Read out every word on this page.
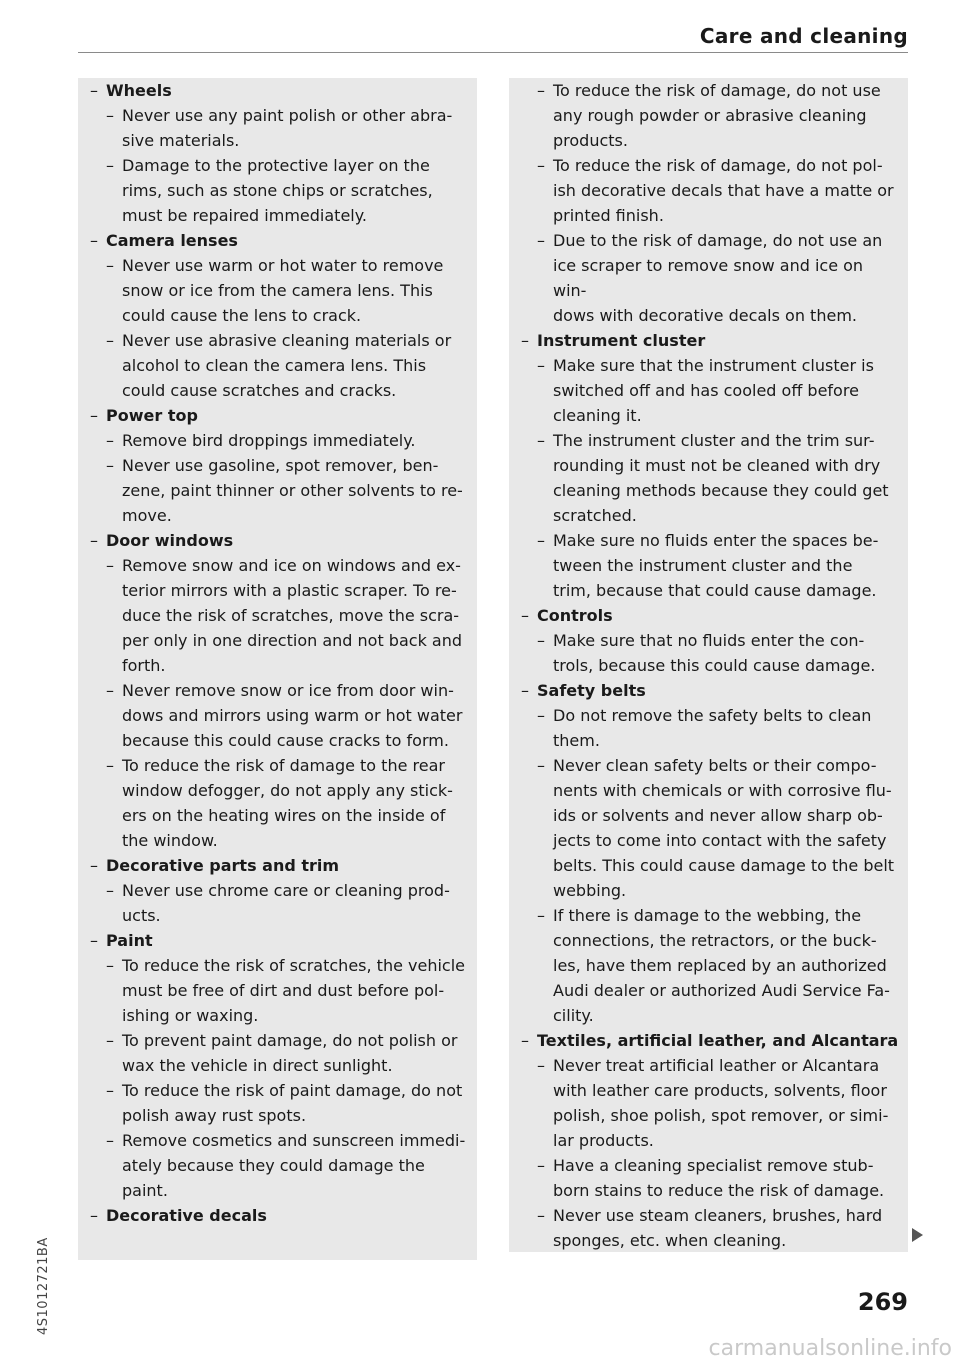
Care and cleaning
– Wheels
– Never use any paint polish or other abra-
sive materials.
– Damage to the protective layer on the
rims, such as stone chips or scratches,
must be repaired immediately.
– Camera lenses
– Never use warm or hot water to remove
snow or ice from the camera lens. This
could cause the lens to crack.
– Never use abrasive cleaning materials or
alcohol to clean the camera lens. This
could cause scratches and cracks.
– Power top
– Remove bird droppings immediately.
– Never use gasoline, spot remover, ben-
zene, paint thinner or other solvents to re-
move.
– Door windows
– Remove snow and ice on windows and ex-
terior mirrors with a plastic scraper. To re-
duce the risk of scratches, move the scra-
per only in one direction and not back and
forth.
– Never remove snow or ice from door win-
dows and mirrors using warm or hot water
because this could cause cracks to form.
– To reduce the risk of damage to the rear
window defogger, do not apply any stick-
ers on the heating wires on the inside of
the window.
– Decorative parts and trim
– Never use chrome care or cleaning prod-
ucts.
– Paint
– To reduce the risk of scratches, the vehicle
must be free of dirt and dust before pol-
ishing or waxing.
– To prevent paint damage, do not polish or
wax the vehicle in direct sunlight.
– To reduce the risk of paint damage, do not
polish away rust spots.
– Remove cosmetics and sunscreen immedi-
ately because they could damage the
paint.
– Decorative decals
– To reduce the risk of damage, do not use
any rough powder or abrasive cleaning
products.
– To reduce the risk of damage, do not pol-
ish decorative decals that have a matte or
printed finish.
– Due to the risk of damage, do not use an
ice scraper to remove snow and ice on win-
dows with decorative decals on them.
– Instrument cluster
– Make sure that the instrument cluster is
switched off and has cooled off before
cleaning it.
– The instrument cluster and the trim sur-
rounding it must not be cleaned with dry
cleaning methods because they could get
scratched.
– Make sure no fluids enter the spaces be-
tween the instrument cluster and the
trim, because that could cause damage.
– Controls
– Make sure that no fluids enter the con-
trols, because this could cause damage.
– Safety belts
– Do not remove the safety belts to clean
them.
– Never clean safety belts or their compo-
nents with chemicals or with corrosive flu-
ids or solvents and never allow sharp ob-
jects to come into contact with the safety
belts. This could cause damage to the belt
webbing.
– If there is damage to the webbing, the
connections, the retractors, or the buck-
les, have them replaced by an authorized
Audi dealer or authorized Audi Service Fa-
cility.
– Textiles, artificial leather, and Alcantara
– Never treat artificial leather or Alcantara
with leather care products, solvents, floor
polish, shoe polish, spot remover, or simi-
lar products.
– Have a cleaning specialist remove stub-
born stains to reduce the risk of damage.
– Never use steam cleaners, brushes, hard
sponges, etc. when cleaning.
269
4S1012721BA
carmanualsonline.info
